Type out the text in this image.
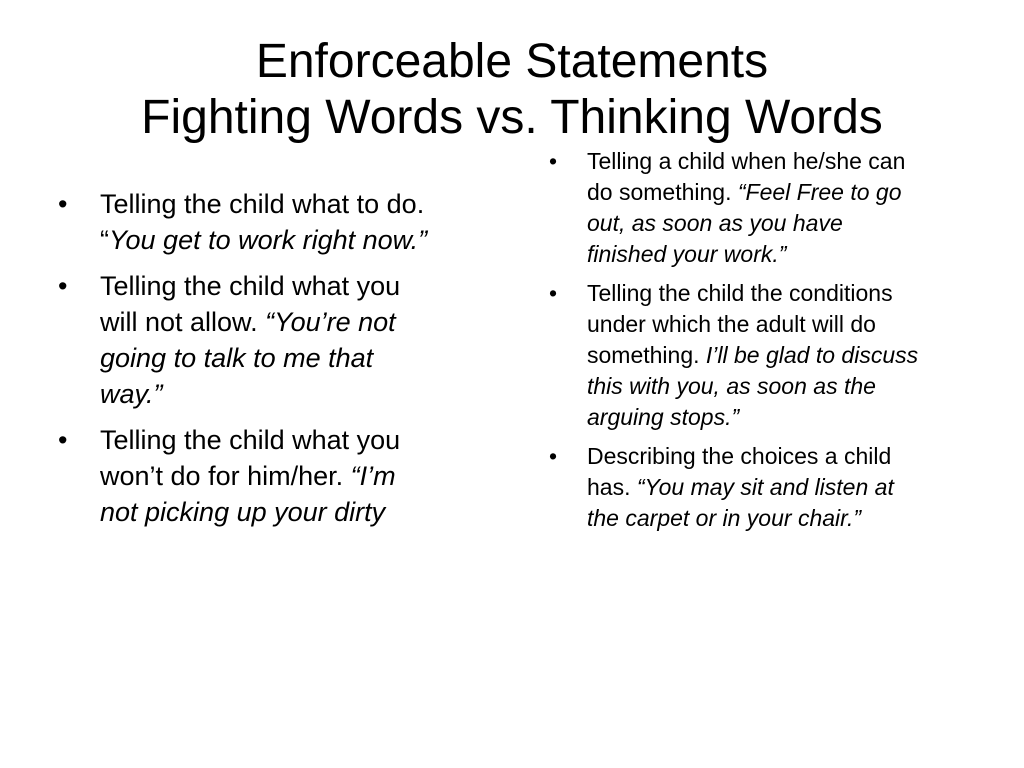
Enforceable Statements
Fighting Words vs. Thinking Words
• Telling the child what to do. “You get to work right now.”
• Telling the child what you will not allow. “You’re not going to talk to me that way.”
• Telling the child what you won’t do for him/her. “I’m not picking up your dirty
• Telling a child when he/she can do something. “Feel Free to go out, as soon as you have finished your work.”
• Telling the child the conditions under which the adult will do something. I’ll be glad to discuss this with you, as soon as the arguing stops.”
• Describing the choices a child has. “You may sit and listen at the carpet or in your chair.”
